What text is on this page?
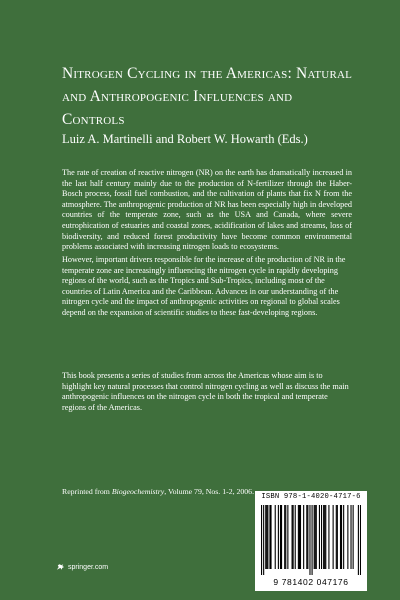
Nitrogen Cycling in the Americas: Natural
and Anthropogenic Influences and
Controls
Luiz A. Martinelli and Robert W. Howarth (Eds.)

The rate of creation of reactive nitrogen (NR) on the earth has dramatically increased in the last half century mainly due to the production of N-fertilizer through the Haber-Bosch process, fossil fuel combustion, and the cultivation of plants that fix N from the atmosphere. The anthropogenic production of NR has been especially high in developed countries of the temperate zone, such as the USA and Canada, where severe eutrophication of estuaries and coastal zones, acidification of lakes and streams, loss of biodiversity, and reduced forest productivity have become common environmental problems associated with increasing nitrogen loads to ecosystems.

However, important drivers responsible for the increase of the production of NR in the temperate zone are increasingly influencing the nitrogen cycle in rapidly developing regions of the world, such as the Tropics and Sub-Tropics, including most of the countries of Latin America and the Caribbean. Advances in our understanding of the nitrogen cycle and the impact of anthropogenic activities on regional to global scales depend on the expansion of scientific studies to these fast-developing regions.

This book presents a series of studies from across the Americas whose aim is to highlight key natural processes that control nitrogen cycling as well as discuss the main anthropogenic influences on the nitrogen cycle in both the tropical and temperate regions of the Americas.

Reprinted from Biogeochemistry, Volume 79, Nos. 1-2, 2006.
springer.com
ISBN 978-1-4020-4717-6
9 781402 047176
